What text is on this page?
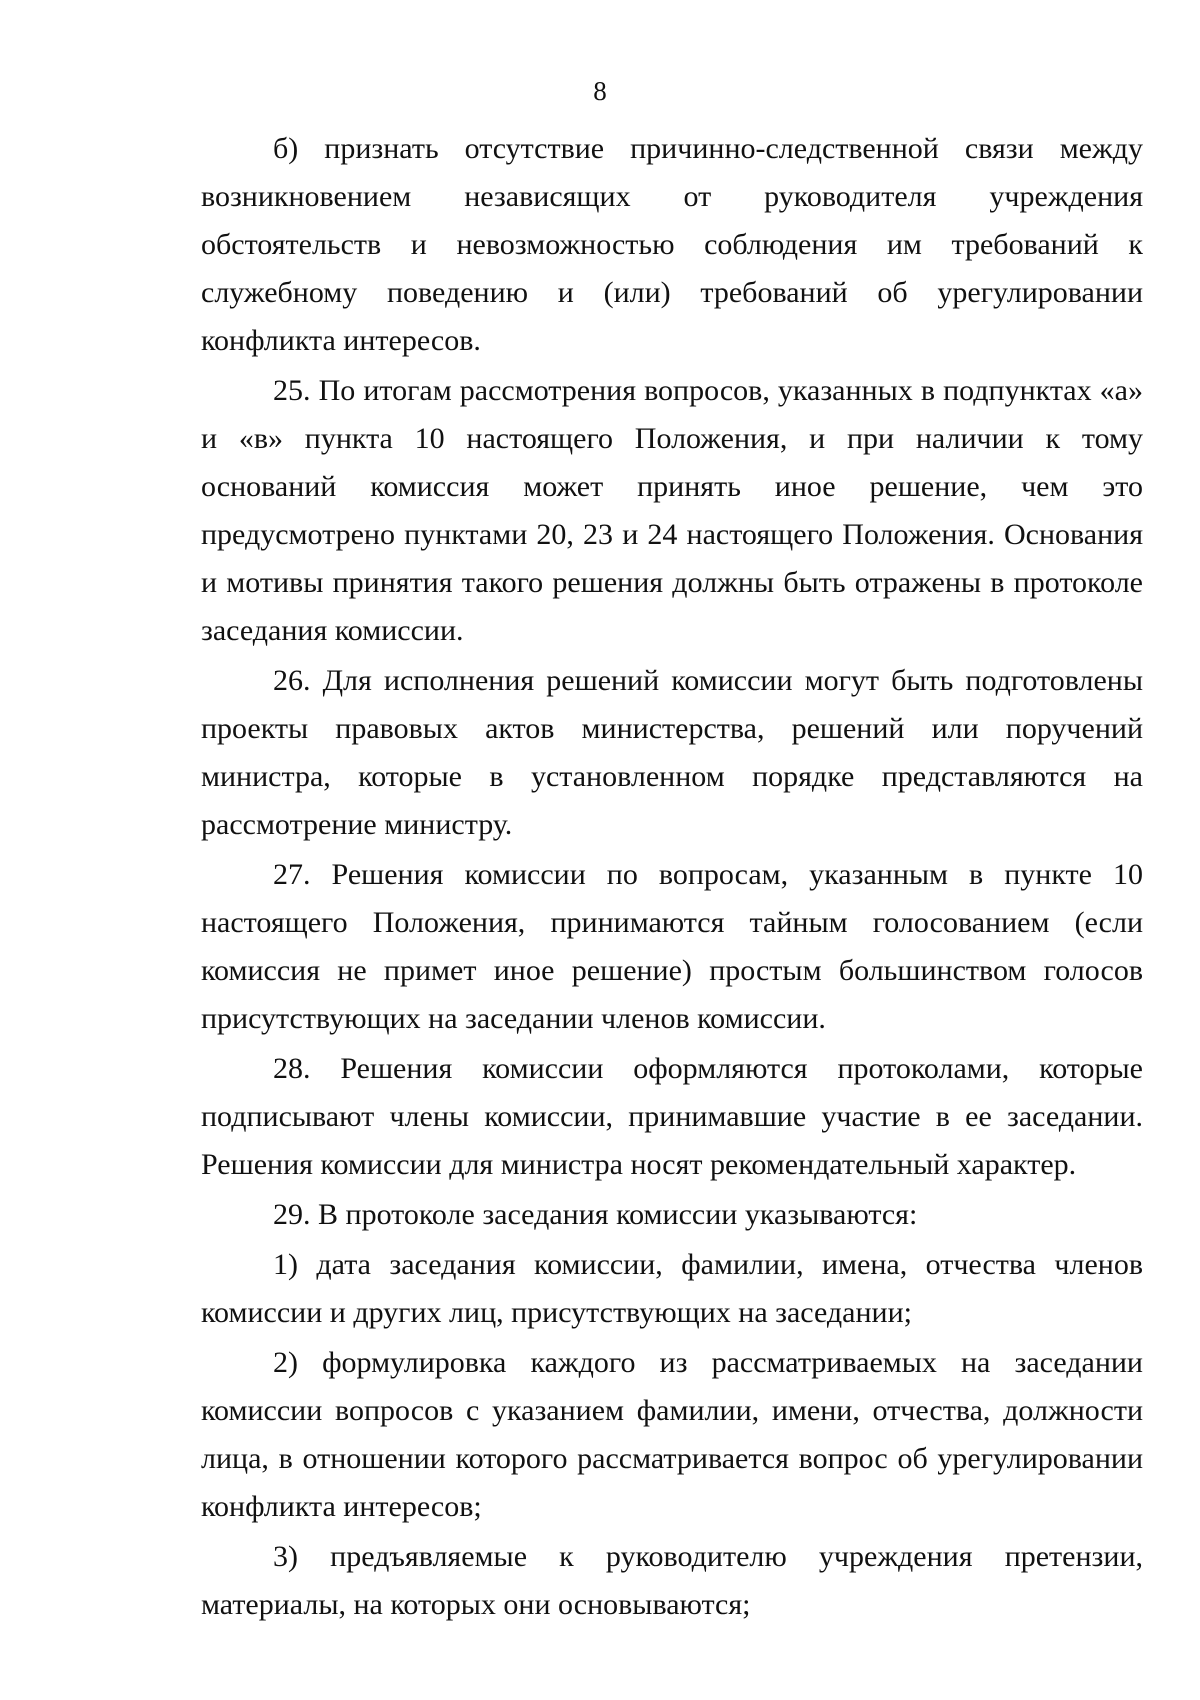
8

б) признать отсутствие причинно-следственной связи между возникновением независящих от руководителя учреждения обстоятельств и невозможностью соблюдения им требований к служебному поведению и (или) требований об урегулировании конфликта интересов.

25. По итогам рассмотрения вопросов, указанных в подпунктах «а» и «в» пункта 10 настоящего Положения, и при наличии к тому оснований комиссия может принять иное решение, чем это предусмотрено пунктами 20, 23 и 24 настоящего Положения. Основания и мотивы принятия такого решения должны быть отражены в протоколе заседания комиссии.

26. Для исполнения решений комиссии могут быть подготовлены проекты правовых актов министерства, решений или поручений министра, которые в установленном порядке представляются на рассмотрение министру.

27. Решения комиссии по вопросам, указанным в пункте 10 настоящего Положения, принимаются тайным голосованием (если комиссия не примет иное решение) простым большинством голосов присутствующих на заседании членов комиссии.

28. Решения комиссии оформляются протоколами, которые подписывают члены комиссии, принимавшие участие в ее заседании. Решения комиссии для министра носят рекомендательный характер.

29. В протоколе заседания комиссии указываются:

1) дата заседания комиссии, фамилии, имена, отчества членов комиссии и других лиц, присутствующих на заседании;

2) формулировка каждого из рассматриваемых на заседании комиссии вопросов с указанием фамилии, имени, отчества, должности лица, в отношении которого рассматривается вопрос об урегулировании конфликта интересов;

3) предъявляемые к руководителю учреждения претензии, материалы, на которых они основываются;
